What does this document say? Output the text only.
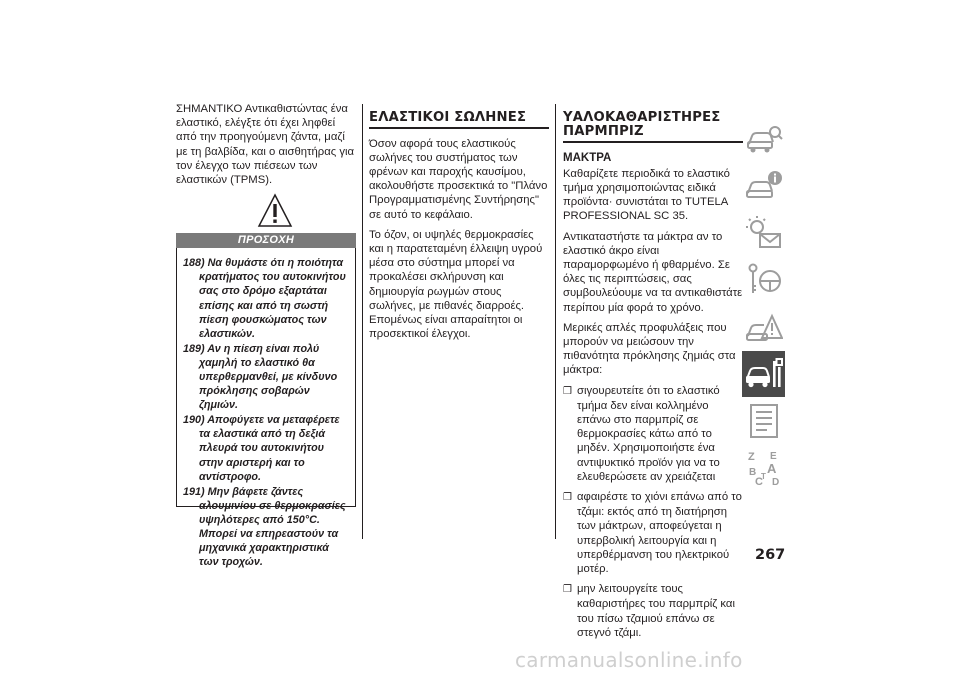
ΣΗΜΑΝΤΙΚΟ Αντικαθιστώντας ένα ελαστικό, ελέγξτε ότι έχει ληφθεί από την προηγούμενη ζάντα, μαζί με τη βαλβίδα, και ο αισθητήρας για τον έλεγχο των πιέσεων των ελαστικών (TPMS).

ΠΡΟΣΟΧΗ
188) Να θυμάστε ότι η ποιότητα κρατήματος του αυτοκινήτου σας στο δρόμο εξαρτάται επίσης και από τη σωστή πίεση φουσκώματος των ελαστικών.
189) Αν η πίεση είναι πολύ χαμηλή το ελαστικό θα υπερθερμανθεί, με κίνδυνο πρόκλησης σοβαρών ζημιών.
190) Αποφύγετε να μεταφέρετε τα ελαστικά από τη δεξιά πλευρά του αυτοκινήτου στην αριστερή και το αντίστροφο.
191) Μην βάφετε ζάντες αλουμινίου σε θερμοκρασίες υψηλότερες από 150°C. Μπορεί να επηρεαστούν τα μηχανικά χαρακτηριστικά των τροχών.
ΕΛΑΣΤΙΚΟΙ ΣΩΛΗΝΕΣ

Όσον αφορά τους ελαστικούς σωλήνες του συστήματος των φρένων και παροχής καυσίμου, ακολουθήστε προσεκτικά το "Πλάνο Προγραμματισμένης Συντήρησης" σε αυτό το κεφάλαιο.

Το όζον, οι υψηλές θερμοκρασίες και η παρατεταμένη έλλειψη υγρού μέσα στο σύστημα μπορεί να προκαλέσει σκλήρυνση και δημιουργία ρωγμών στους σωλήνες, με πιθανές διαρροές. Επομένως είναι απαραίτητοι οι προσεκτικοί έλεγχοι.

ΥΑΛΟΚΑΘΑΡΙΣΤΗΡΕΣ
ΠΑΡΜΠΡΙΖ
ΜΑΚΤΡΑ

Καθαρίζετε περιοδικά το ελαστικό τμήμα χρησιμοποιώντας ειδικά προϊόντα· συνιστάται το TUTELA PROFESSIONAL SC 35.

Αντικαταστήστε τα μάκτρα αν το ελαστικό άκρο είναι παραμορφωμένο ή φθαρμένο. Σε όλες τις περιπτώσεις, σας συμβουλεύουμε να τα αντικαθιστάτε περίπου μία φορά το χρόνο.

Μερικές απλές προφυλάξεις που μπορούν να μειώσουν την πιθανότητα πρόκλησης ζημιάς στα μάκτρα:

❒ σιγουρευτείτε ότι το ελαστικό τμήμα δεν είναι κολλημένο επάνω στο παρμπρίζ σε θερμοκρασίες κάτω από το μηδέν. Χρησιμοποιήστε ένα αντιψυκτικό προϊόν για να το ελευθερώσετε αν χρειάζεται
❒ αφαιρέστε το χιόνι επάνω από το τζάμι: εκτός από τη διατήρηση των μάκτρων, αποφεύγεται η υπερβολική λειτουργία και η υπερθέρμανση του ηλεκτρικού μοτέρ.
❒ μην λειτουργείτε τους καθαριστήρες του παρμπρίζ και του πίσω τζαμιού επάνω σε στεγνό τζάμι.
Z E
A
B
C D
T
267
carmanualsonline.info
